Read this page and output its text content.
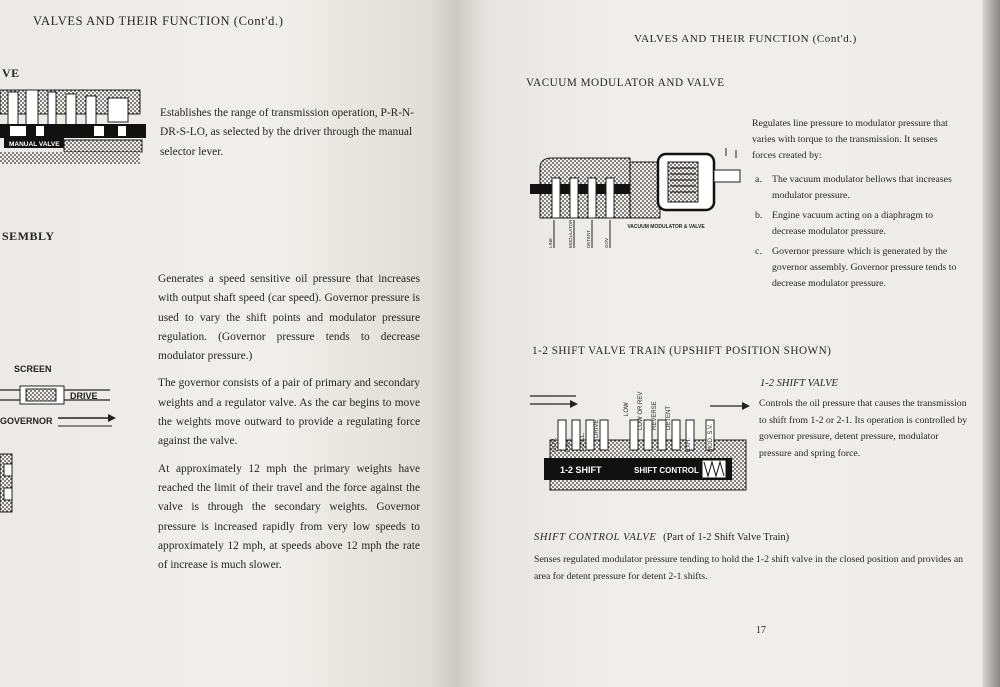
VALVES AND THEIR FUNCTION (Cont'd.)
VE
MANUAL VALVE
Establishes the range of transmission operation, P-R-N-DR-S-LO, as selected by the driver through the manual selector lever.
SEMBLY

Generates a speed sensitive oil pressure that increases with output shaft speed (car speed). Governor pressure is used to vary the shift points and modulator pressure regulation. (Governor pressure tends to decrease modulator pressure.)

The governor consists of a pair of primary and secondary weights and a regulator valve. As the car begins to move the weights move outward to provide a regulating force against the valve.

At approximately 12 mph the primary weights have reached the limit of their travel and the force against the valve is through the secondary weights. Governor pressure is increased rapidly from very low speeds to approximately 12 mph, at speeds above 12 mph the rate of increase is much slower.

SCREEN
DRIVE
GOVERNOR
VALVES AND THEIR FUNCTION (Cont'd.)
VACUUM MODULATOR AND VALVE
LINE	MODULATOR	DETENT	GOV
VACUUM MODULATOR & VALVE
Regulates line pressure to modulator pressure that varies with torque to the transmission. It senses forces created by:
a. The vacuum modulator bellows that increases modulator pressure.
b. Engine vacuum acting on a diaphragm to decrease modulator pressure.
c. Governor pressure which is generated by the governor assembly. Governor pressure tends to decrease modulator pressure.
1-2 SHIFT VALVE TRAIN (UPSHIFT POSITION SHOWN)
1-2 SHIFT	SHIFT CONTROL
GOV. EXH. 1-2 CL.
DRIVE
LOW LOW OR REV REVERSE DETENT
EXH.	MOD. S.V.
1-2 SHIFT VALVE
Controls the oil pressure that causes the transmission to shift from 1-2 or 2-1. Its operation is controlled by governor pressure, detent pressure, modulator pressure and spring force.
SHIFT CONTROL VALVE (Part of 1-2 Shift Valve Train)
Senses regulated modulator pressure tending to hold the 1-2 shift valve in the closed position and provides an area for detent pressure for detent 2-1 shifts.
17
